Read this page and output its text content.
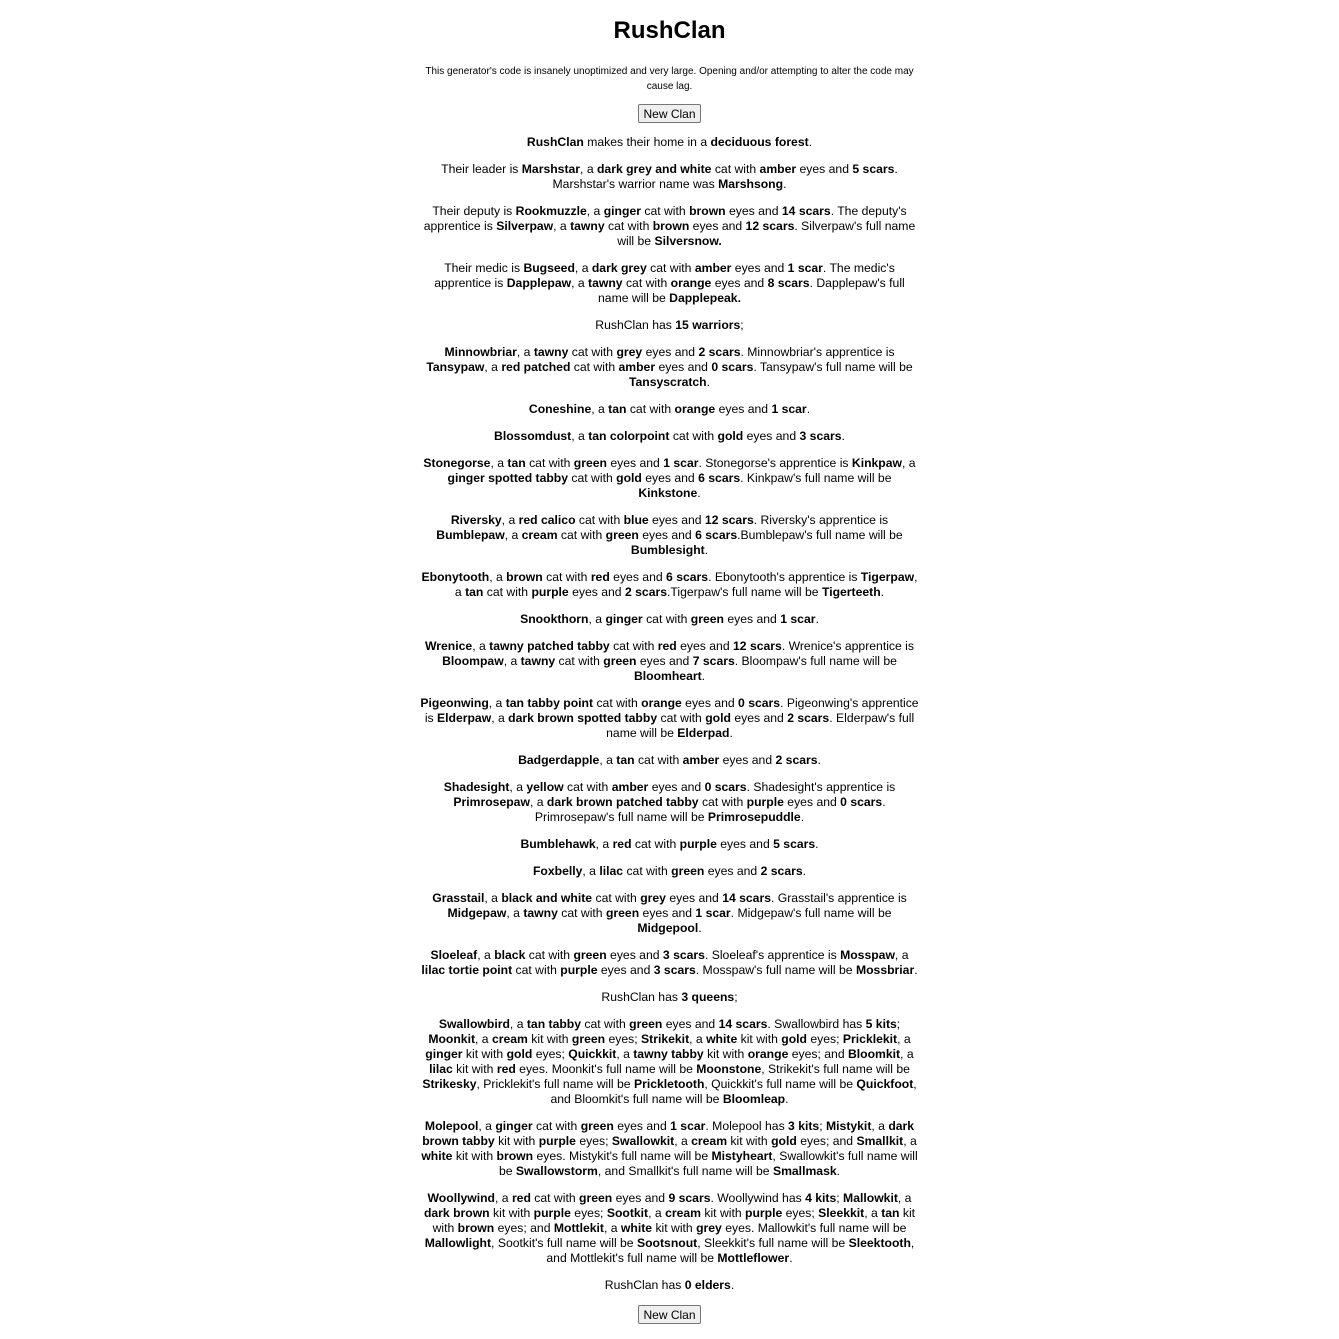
RushClan
This generator's code is insanely unoptimized and very large. Opening and/or attempting to alter the code may cause lag.
New Clan

RushClan makes their home in a deciduous forest.

Their leader is Marshstar, a dark grey and white cat with amber eyes and 5 scars. Marshstar's warrior name was Marshsong.

Their deputy is Rookmuzzle, a ginger cat with brown eyes and 14 scars. The deputy's apprentice is Silverpaw, a tawny cat with brown eyes and 12 scars. Silverpaw's full name will be Silversnow.

Their medic is Bugseed, a dark grey cat with amber eyes and 1 scar. The medic's apprentice is Dapplepaw, a tawny cat with orange eyes and 8 scars. Dapplepaw's full name will be Dapplepeak.

RushClan has 15 warriors;

Minnowbriar, a tawny cat with grey eyes and 2 scars. Minnowbriar's apprentice is Tansypaw, a red patched cat with amber eyes and 0 scars. Tansypaw's full name will be Tansyscratch.

Coneshine, a tan cat with orange eyes and 1 scar.

Blossomdust, a tan colorpoint cat with gold eyes and 3 scars.

Stonegorse, a tan cat with green eyes and 1 scar. Stonegorse's apprentice is Kinkpaw, a ginger spotted tabby cat with gold eyes and 6 scars. Kinkpaw's full name will be Kinkstone.

Riversky, a red calico cat with blue eyes and 12 scars. Riversky's apprentice is Bumblepaw, a cream cat with green eyes and 6 scars.Bumblepaw's full name will be Bumblesight.

Ebonytooth, a brown cat with red eyes and 6 scars. Ebonytooth's apprentice is Tigerpaw, a tan cat with purple eyes and 2 scars.Tigerpaw's full name will be Tigerteeth.

Snookthorn, a ginger cat with green eyes and 1 scar.

Wrenice, a tawny patched tabby cat with red eyes and 12 scars. Wrenice's apprentice is Bloompaw, a tawny cat with green eyes and 7 scars. Bloompaw's full name will be Bloomheart.

Pigeonwing, a tan tabby point cat with orange eyes and 0 scars. Pigeonwing's apprentice is Elderpaw, a dark brown spotted tabby cat with gold eyes and 2 scars. Elderpaw's full name will be Elderpad.

Badgerdapple, a tan cat with amber eyes and 2 scars.

Shadesight, a yellow cat with amber eyes and 0 scars. Shadesight's apprentice is Primrosepaw, a dark brown patched tabby cat with purple eyes and 0 scars. Primrosepaw's full name will be Primrosepuddle.

Bumblehawk, a red cat with purple eyes and 5 scars.

Foxbelly, a lilac cat with green eyes and 2 scars.

Grasstail, a black and white cat with grey eyes and 14 scars. Grasstail's apprentice is Midgepaw, a tawny cat with green eyes and 1 scar. Midgepaw's full name will be Midgepool.

Sloeleaf, a black cat with green eyes and 3 scars. Sloeleaf's apprentice is Mosspaw, a lilac tortie point cat with purple eyes and 3 scars. Mosspaw's full name will be Mossbriar.

RushClan has 3 queens;

Swallowbird, a tan tabby cat with green eyes and 14 scars. Swallowbird has 5 kits; Moonkit, a cream kit with green eyes; Strikekit, a white kit with gold eyes; Pricklekit, a ginger kit with gold eyes; Quickkit, a tawny tabby kit with orange eyes; and Bloomkit, a lilac kit with red eyes. Moonkit's full name will be Moonstone, Strikekit's full name will be Strikesky, Pricklekit's full name will be Prickletooth, Quickkit's full name will be Quickfoot, and Bloomkit's full name will be Bloomleap.

Molepool, a ginger cat with green eyes and 1 scar. Molepool has 3 kits; Mistykit, a dark brown tabby kit with purple eyes; Swallowkit, a cream kit with gold eyes; and Smallkit, a white kit with brown eyes. Mistykit's full name will be Mistyheart, Swallowkit's full name will be Swallowstorm, and Smallkit's full name will be Smallmask.

Woollywind, a red cat with green eyes and 9 scars. Woollywind has 4 kits; Mallowkit, a dark brown kit with purple eyes; Sootkit, a cream kit with purple eyes; Sleekkit, a tan kit with brown eyes; and Mottlekit, a white kit with grey eyes. Mallowkit's full name will be Mallowlight, Sootkit's full name will be Sootsnout, Sleekkit's full name will be Sleektooth, and Mottlekit's full name will be Mottleflower.

RushClan has 0 elders.

New Clan
